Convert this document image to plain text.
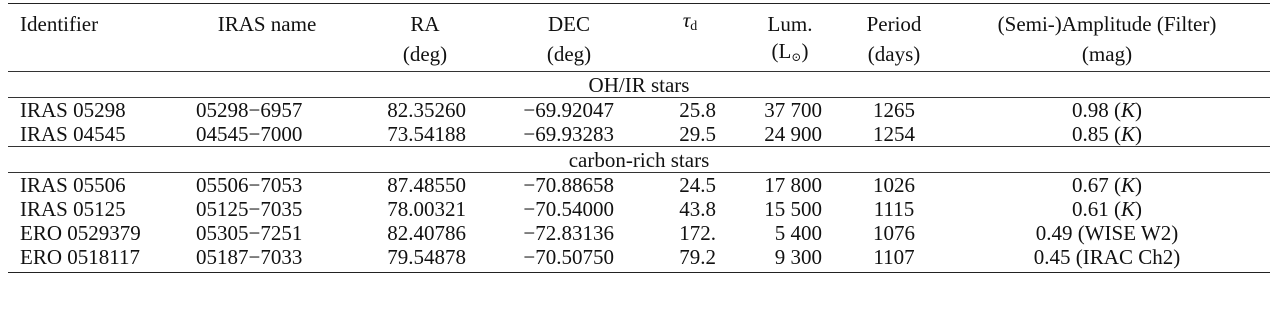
Identifier	IRAS name	RA	DEC	$\tau_d$	Lum.	Period	(Semi-)Amplitude (Filter)
		(deg)	(deg)		(L⊙)	(days)	(mag)
OH/IR stars							
IRAS 05298	05298−6957	82.35260	−69.92047	25.8	37 700	1265	0.98 (K)
IRAS 04545	04545−7000	73.54188	−69.93283	29.5	24 900	1254	0.85 (K)
carbon-rich stars							
IRAS 05506	05506−7053	87.48550	−70.88658	24.5	17 800	1026	0.67 (K)
IRAS 05125	05125−7035	78.00321	−70.54000	43.8	15 500	1115	0.61 (K)
ERO 0529379	05305−7251	82.40786	−72.83136	172.	5 400	1076	0.49 (WISE W2)
ERO 0518117	05187−7033	79.54878	−70.50750	79.2	9 300	1107	0.45 (IRAC Ch2)
